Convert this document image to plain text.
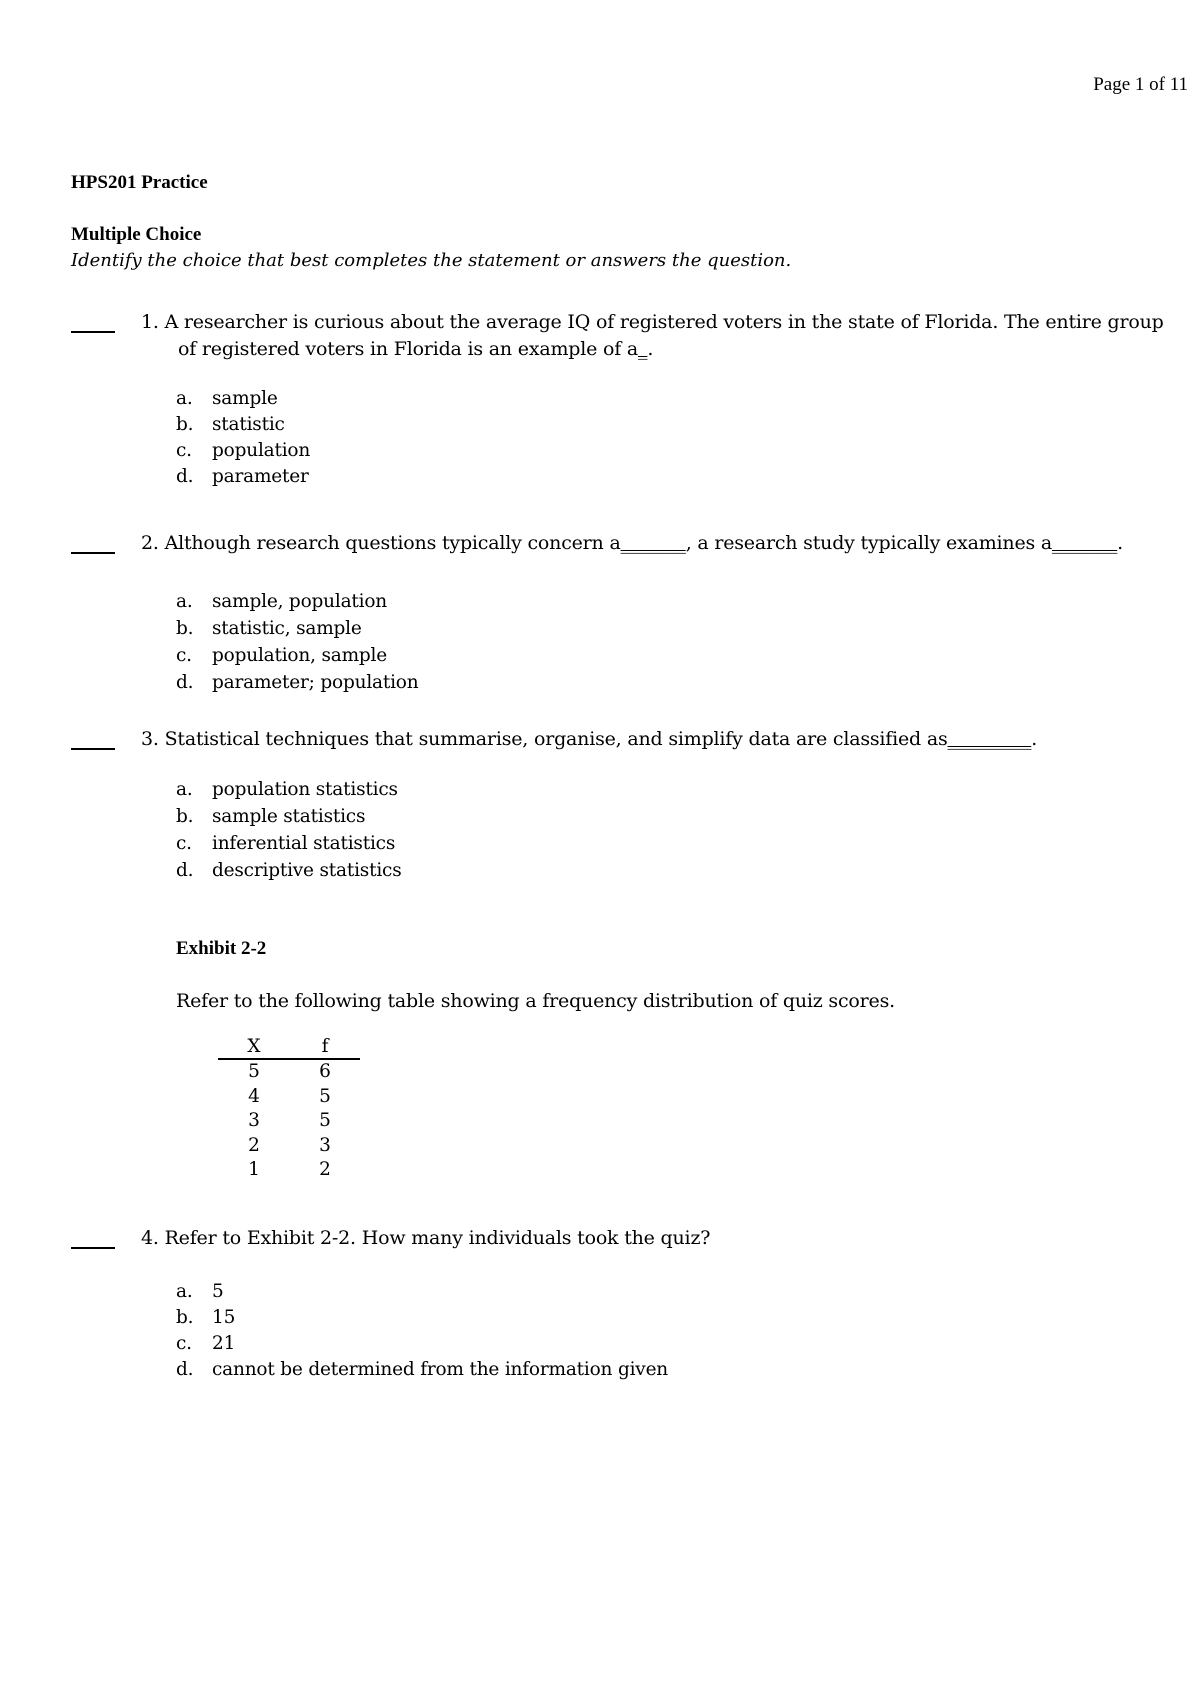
Page 1 of 11
HPS201 Practice
Multiple Choice
Identify the choice that best completes the statement or answers the question.
1. A researcher is curious about the average IQ of registered voters in the state of Florida. The entire group
of registered voters in Florida is an example of a_.
a. sample
b. statistic
c. population
d. parameter
2. Although research questions typically concern a_______, a research study typically examines a_______.
a. sample, population
b. statistic, sample
c. population, sample
d. parameter; population
3. Statistical techniques that summarise, organise, and simplify data are classified as_________.
a. population statistics
b. sample statistics
c. inferential statistics
d. descriptive statistics
Exhibit 2-2
Refer to the following table showing a frequency distribution of quiz scores.
X	f
5	6
4	5
3	5
2	3
1	2
4. Refer to Exhibit 2-2. How many individuals took the quiz?
a. 5
b. 15
c. 21
d. cannot be determined from the information given
